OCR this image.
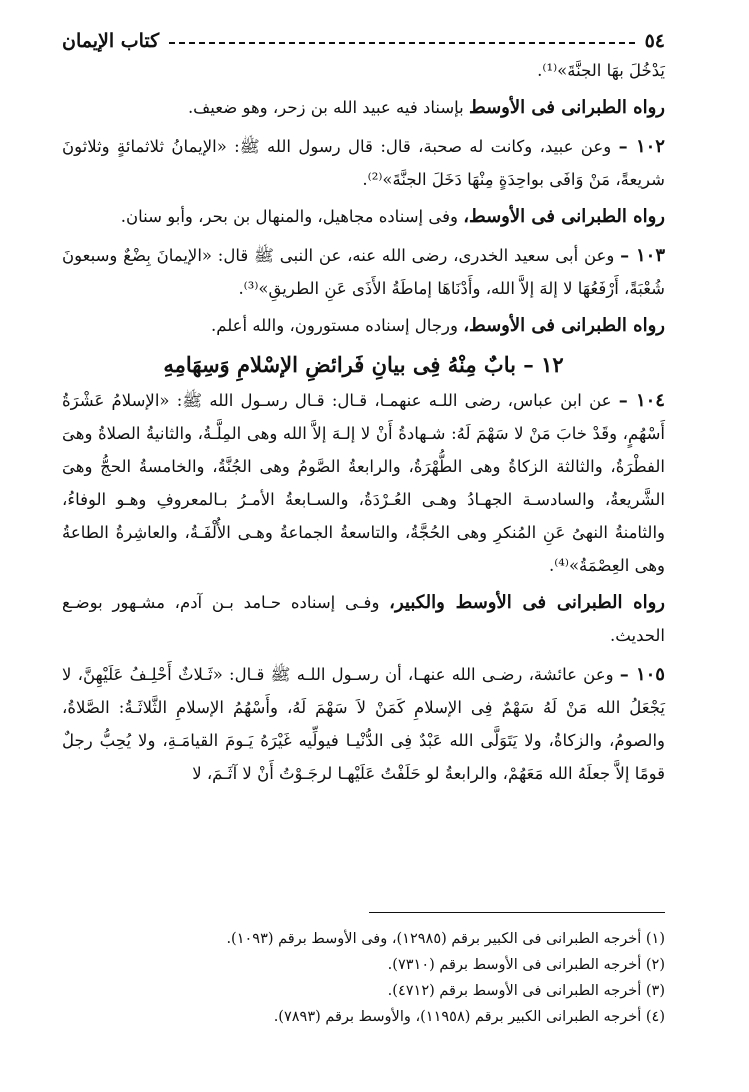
٥٤
كتاب الإيمان

يَدْخُلَ بهَا الجنَّةَ»⁽¹⁾.

رواه الطبرانى فى الأوسط بإسناد فيه عبيد الله بن زحر، وهو ضعيف.

١٠٢ – وعن عبيد، وكانت له صحبة، قال: قال رسول الله ﷺ: «الإيمانُ ثلاثمائةٍ وثلاثونَ شريعةً، مَنْ وَافَى بواحِدَةٍ مِنْهَا دَخَلَ الجنَّةَ»⁽²⁾.

رواه الطبرانى فى الأوسط، وفى إسناده مجاهيل، والمنهال بن بحر، وأبو سنان.

١٠٣ – وعن أبى سعيد الخدرى، رضى الله عنه، عن النبى ﷺ قال: «الإيمانَ بِضْعٌ وسبعونَ شُعْبَةً، أَرْفَعُهَا لا إلهَ إلاَّ الله، وأَدْنَاهَا إماطَةُ الأَذَى عَنِ الطريقِ»⁽³⁾.

رواه الطبرانى فى الأوسط، ورجال إسناده مستورون، والله أعلم.

١٢ – بابٌ مِنْهُ فِى بيانِ فَرائضِ الإسْلامِ وَسِهَامِهِ

١٠٤ – عن ابن عباس، رضى اللـه عنهمـا، قـال: قـال رسـول الله ﷺ: «الإسلامُ عَشْرَةُ أَسْهُمٍ، وقَدْ خابَ مَنْ لا سَهْمَ لَهُ: شـهادةُ أَنْ لا إلـهَ إلاَّ الله وهى المِلَّـةُ، والثانيةُ الصلاةُ وهىَ الفطْرَةُ، والثالثة الزكاةُ وهى الطُّهْرَةُ، والرابعةُ الصَّومُ وهى الجُنَّةُ، والخامسةُ الحجُّ وهىَ الشَّريعةُ، والسادسـة الجهـادُ وهـى العُـرْدَةُ، والسـابعةُ الأمـرُ بـالمعروفِ وهـو الوفاءُ، والثامنةُ النهىُ عَنِ المُنكرِ وهى الحُجَّةُ، والتاسعةُ الجماعةُ وهـى الأُلْفَـةُ، والعاشِرةُ الطاعةُ وهى العِصْمَةُ»⁽⁴⁾.

رواه الطبرانى فى الأوسط والكبير، وفـى إسناده حـامد بـن آدم، مشـهور بوضـع الحديث.

١٠٥ – وعن عائشة، رضـى الله عنهـا، أن رسـول اللـه ﷺ قـال: «ثَـلاثٌ أَحْلِـفُ عَلَيْهِنَّ، لا يَجْعَلُ الله مَنْ لَهُ سَهْمٌ فِى الإسلامِ كَمَنْ لاَ سَهْمَ لَهُ، وأَسْهُمُ الإسلامِ الثَّلاثَـةُ: الصَّلاةُ، والصومُ، والزكاةُ، ولا يَتَوَلَّى الله عَبْدٌ فِى الدُّنْيـا فيولِّيه غَيْرَهُ يَـومَ القيامَـةِ، ولا يُحِبُّ رجلٌ قومًا إلاَّ جعلَهُ الله مَعَهُمْ، والرابعةُ لو حَلَفْتُ عَلَيْهـا لرجَـوْتُ أَنْ لا آثَـمَ، لا

(١) أخرجه الطبرانى فى الكبير برقم (١٢٩٨٥)، وفى الأوسط برقم (١٠٩٣).
(٢) أخرجه الطبرانى فى الأوسط برقم (٧٣١٠).
(٣) أخرجه الطبرانى فى الأوسط برقم (٤٧١٢).
(٤) أخرجه الطبرانى الكبير برقم (١١٩٥٨)، والأوسط برقم (٧٨٩٣).
